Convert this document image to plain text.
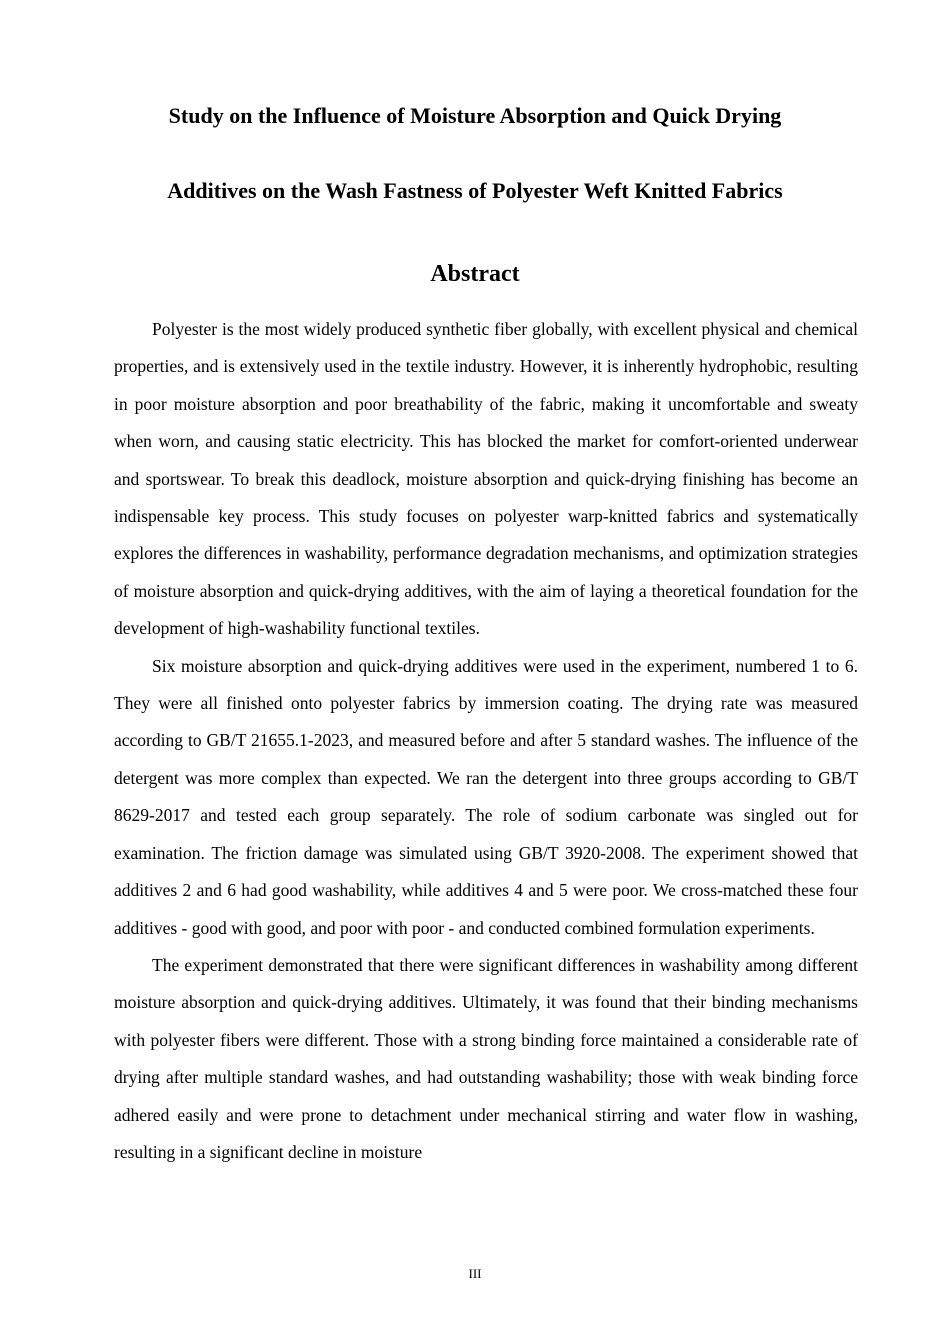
Study on the Influence of Moisture Absorption and Quick Drying
Additives on the Wash Fastness of Polyester Weft Knitted Fabrics
Abstract

Polyester is the most widely produced synthetic fiber globally, with excellent physical and chemical properties, and is extensively used in the textile industry. However, it is inherently hydrophobic, resulting in poor moisture absorption and poor breathability of the fabric, making it uncomfortable and sweaty when worn, and causing static electricity. This has blocked the market for comfort-oriented underwear and sportswear. To break this deadlock, moisture absorption and quick-drying finishing has become an indispensable key process. This study focuses on polyester warp-knitted fabrics and systematically explores the differences in washability, performance degradation mechanisms, and optimization strategies of moisture absorption and quick-drying additives, with the aim of laying a theoretical foundation for the development of high-washability functional textiles.

Six moisture absorption and quick-drying additives were used in the experiment, numbered 1 to 6. They were all finished onto polyester fabrics by immersion coating. The drying rate was measured according to GB/T 21655.1-2023, and measured before and after 5 standard washes. The influence of the detergent was more complex than expected. We ran the detergent into three groups according to GB/T 8629-2017 and tested each group separately. The role of sodium carbonate was singled out for examination. The friction damage was simulated using GB/T 3920-2008. The experiment showed that additives 2 and 6 had good washability, while additives 4 and 5 were poor. We cross-matched these four additives - good with good, and poor with poor - and conducted combined formulation experiments.

The experiment demonstrated that there were significant differences in washability among different moisture absorption and quick-drying additives. Ultimately, it was found that their binding mechanisms with polyester fibers were different. Those with a strong binding force maintained a considerable rate of drying after multiple standard washes, and had outstanding washability; those with weak binding force adhered easily and were prone to detachment under mechanical stirring and water flow in washing, resulting in a significant decline in moisture

III
